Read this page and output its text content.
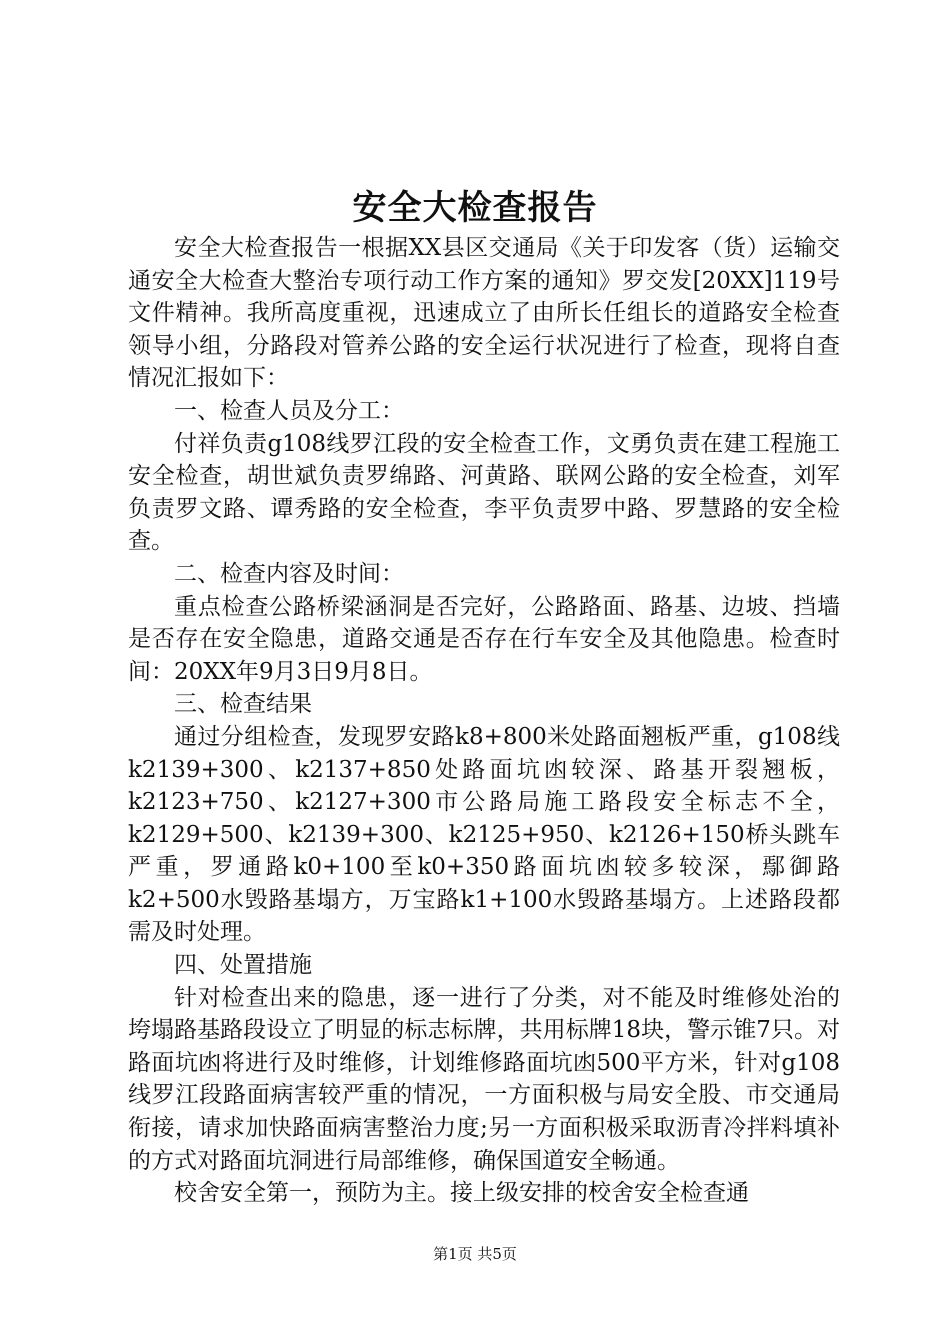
安全大检查报告

安全大检查报告一根据XX县区交通局《关于印发客（货）运输交通安全大检查大整治专项行动工作方案的通知》罗交发[20XX]119号文件精神。我所高度重视，迅速成立了由所长任组长的道路安全检查领导小组，分路段对管养公路的安全运行状况进行了检查，现将自查情况汇报如下：

一、检查人员及分工：

付祥负责g108线罗江段的安全检查工作，文勇负责在建工程施工安全检查，胡世斌负责罗绵路、河黄路、联网公路的安全检查，刘军负责罗文路、谭秀路的安全检查，李平负责罗中路、罗慧路的安全检查。

二、检查内容及时间：

重点检查公路桥梁涵洞是否完好，公路路面、路基、边坡、挡墙是否存在安全隐患，道路交通是否存在行车安全及其他隐患。检查时间：20XX年9月3日9月8日。

三、检查结果

通过分组检查，发现罗安路k8+800米处路面翘板严重，g108线k2139+300、k2137+850处路面坑凼较深、路基开裂翘板，k2123+750、k2127+300市公路局施工路段安全标志不全，k2129+500、k2139+300、k2125+950、k2126+150桥头跳车严重，罗通路k0+100至k0+350路面坑凼较多较深，鄢御路k2+500水毁路基塌方，万宝路k1+100水毁路基塌方。上述路段都需及时处理。

四、处置措施

针对检查出来的隐患，逐一进行了分类，对不能及时维修处治的垮塌路基路段设立了明显的标志标牌，共用标牌18块，警示锥7只。对路面坑凼将进行及时维修，计划维修路面坑凼500平方米，针对g108线罗江段路面病害较严重的情况，一方面积极与局安全股、市交通局衔接，请求加快路面病害整治力度;另一方面积极采取沥青冷拌料填补的方式对路面坑洞进行局部维修，确保国道安全畅通。

校舍安全第一，预防为主。接上级安排的校舍安全检查通

第1页 共5页
